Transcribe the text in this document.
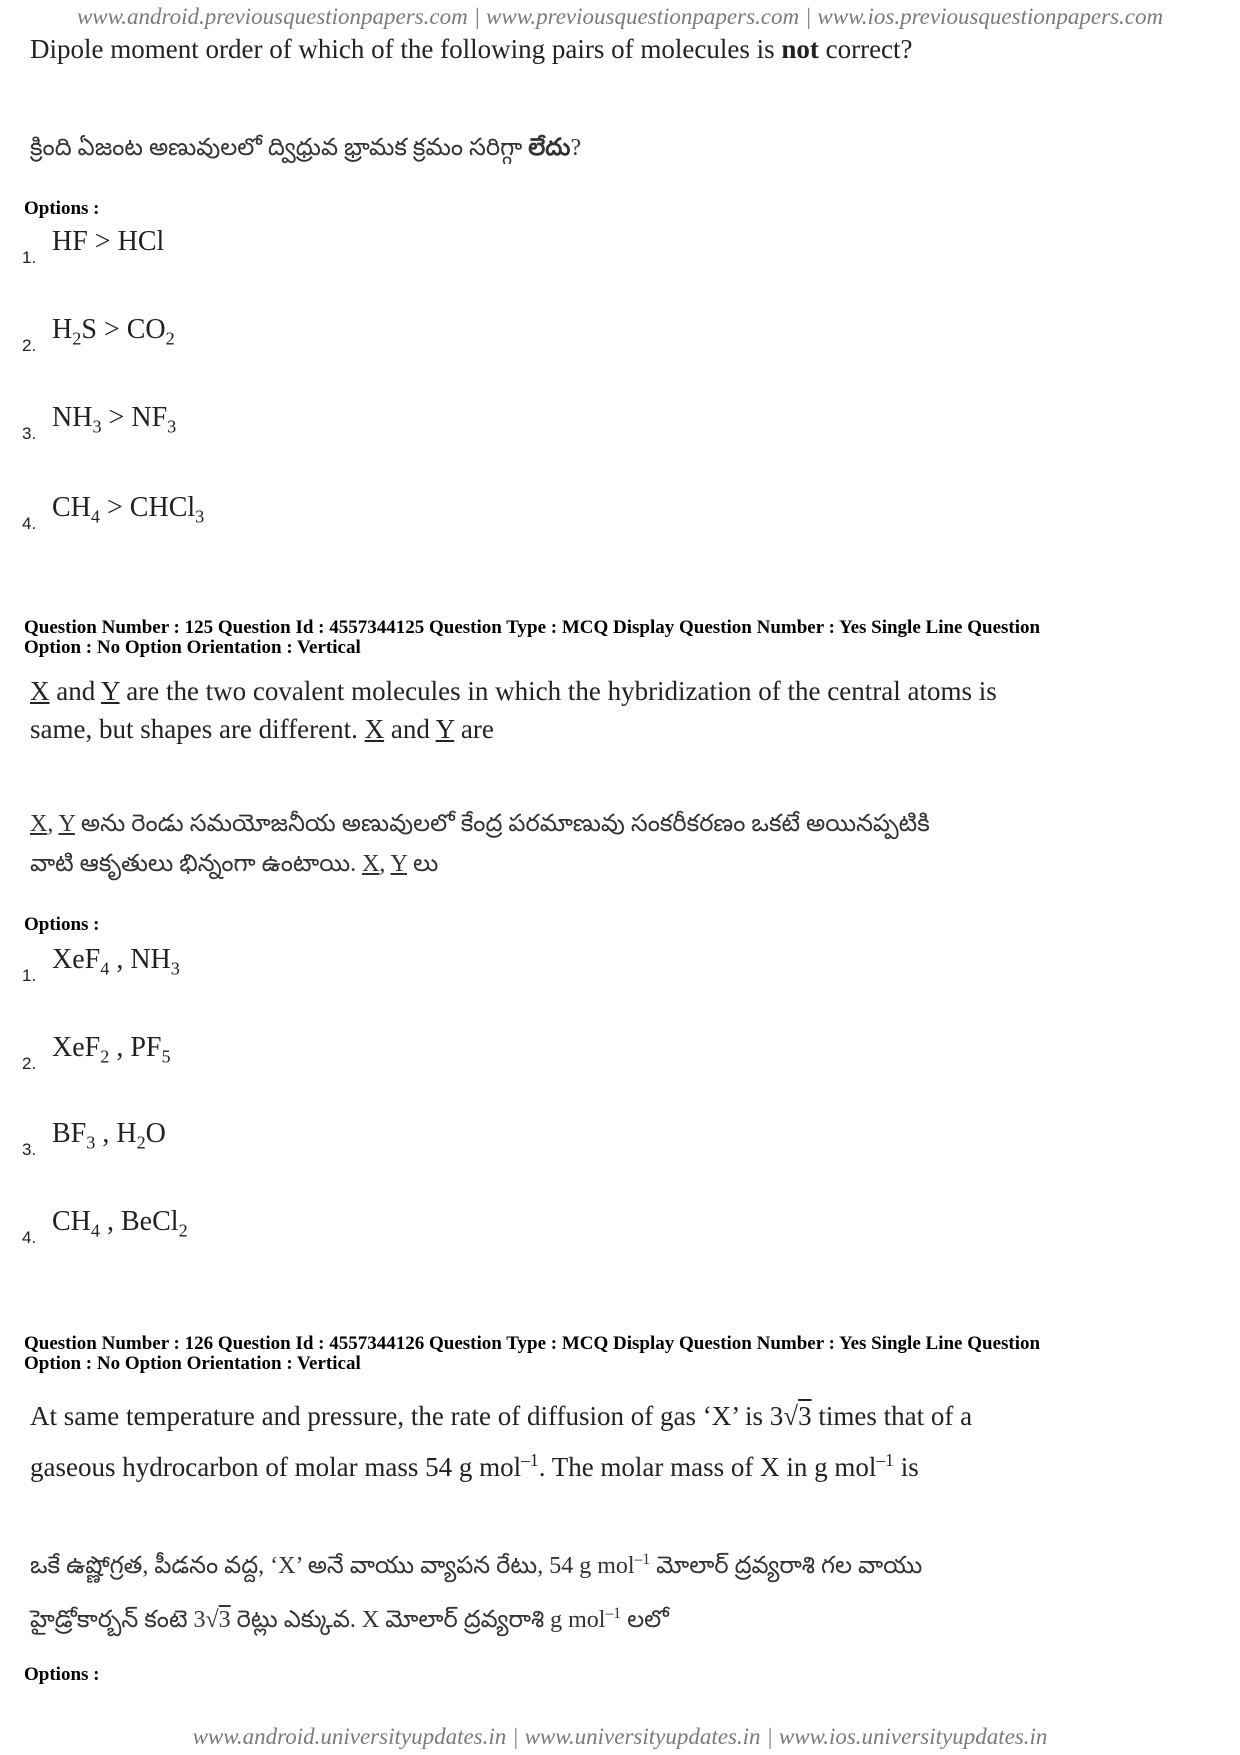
www.android.previousquestionpapers.com | www.previousquestionpapers.com | www.ios.previousquestionpapers.com
Dipole moment order of which of the following pairs of molecules is not correct?
క్రింది ఏజంట అణువులలో ద్విధ్రువ భ్రామక క్రమం సరిగ్గా లేదు?
Options :
1.
HF > HCl
2.
$H_2S > CO_2$
3.
$NH_3 > NF_3$
4.
$CH_4$ > CHCl$_3$
Question Number : 125 Question Id : 4557344125 Question Type : MCQ Display Question Number : Yes Single Line Question
Option : No Option Orientation : Vertical
X and Y are the two covalent molecules in which the hybridization of the central atoms is
same, but shapes are different. X and Y are
X, Y అను రెండు సమయోజనీయ అణువులలో కేంద్ర పరమాణువు సంకరీకరణం ఒకటే అయినప్పటికి
వాటి ఆకృతులు భిన్నంగా ఉంటాయి. X, Y లు
Options :
1.
XeF$_4$ , $NH_3$
2.
XeF$_2$ , $PF_5$
3.
$BF_3$ , $H_2O$
4.
$CH_4$ , BeCl$_2$
Question Number : 126 Question Id : 4557344126 Question Type : MCQ Display Question Number : Yes Single Line Question
Option : No Option Orientation : Vertical
At same temperature and pressure, the rate of diffusion of gas ‘X’ is 3√3 times that of a
gaseous hydrocarbon of molar mass 54 g mol$^{-1}$. The molar mass of X in g mol$^{-1}$ is
ఒకే ఉష్ణోగ్రత, పీడనం వద్ద, ‘X’ అనే వాయు వ్యాపన రేటు, 54 g mol$^{-1}$ మోలార్ ద్రవ్యరాశి గల వాయు
హైడ్రోకార్బన్ కంటె 3√3 రెట్లు ఎక్కువ. X మోలార్ ద్రవ్యరాశి g mol$^{-1}$ లలో
Options :
www.android.universityupdates.in | www.universityupdates.in | www.ios.universityupdates.in
